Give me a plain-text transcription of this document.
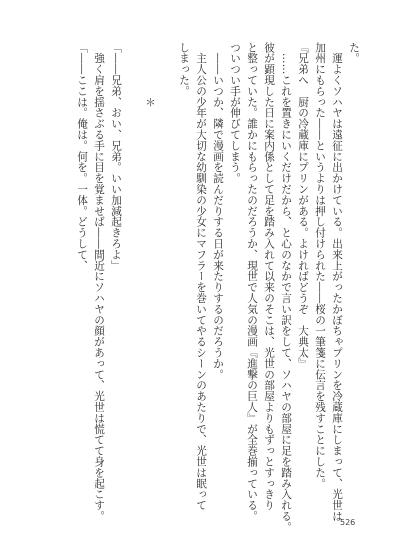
た。
　運よくソハヤは遠征に出かけている。出来上がったかぼちゃプリンを冷蔵庫にしまって、光世は
加州にもらった――というよりは押し付けられた――桜の一筆箋に伝言を残すことにした。
『兄弟へ　厨の冷蔵庫にプリンがある。よければどうぞ　大典太』
　……これを置きにいくだけだから、と心のなかで言い訳をして、ソハヤの部屋に足を踏み入れる。
彼が顕現した日に案内係として足を踏み入れて以来のそこは、光世の部屋よりもずっとすっきり
と整っていた。誰かにもらったのだろうか、現世で人気の漫画『進撃の巨人』が全巻揃っている。
ついつい手が伸びてしまう。
　――いつか、隣で漫画を読んだりする日が来たりするのだろうか。
　主人公の少年が大切な幼馴染の少女にマフラーを巻いてやるシーンのあたりで、光世は眠って
しまった。
　　　　　＊
「――兄弟、おい、兄弟。いい加減起きろよ」
　強く肩を揺さぶる手に目を覚ませば――間近にソハヤの顔があって、光世は慌てて身を起こす。
「――ここは。俺は。何を。一体。どうして、
526
